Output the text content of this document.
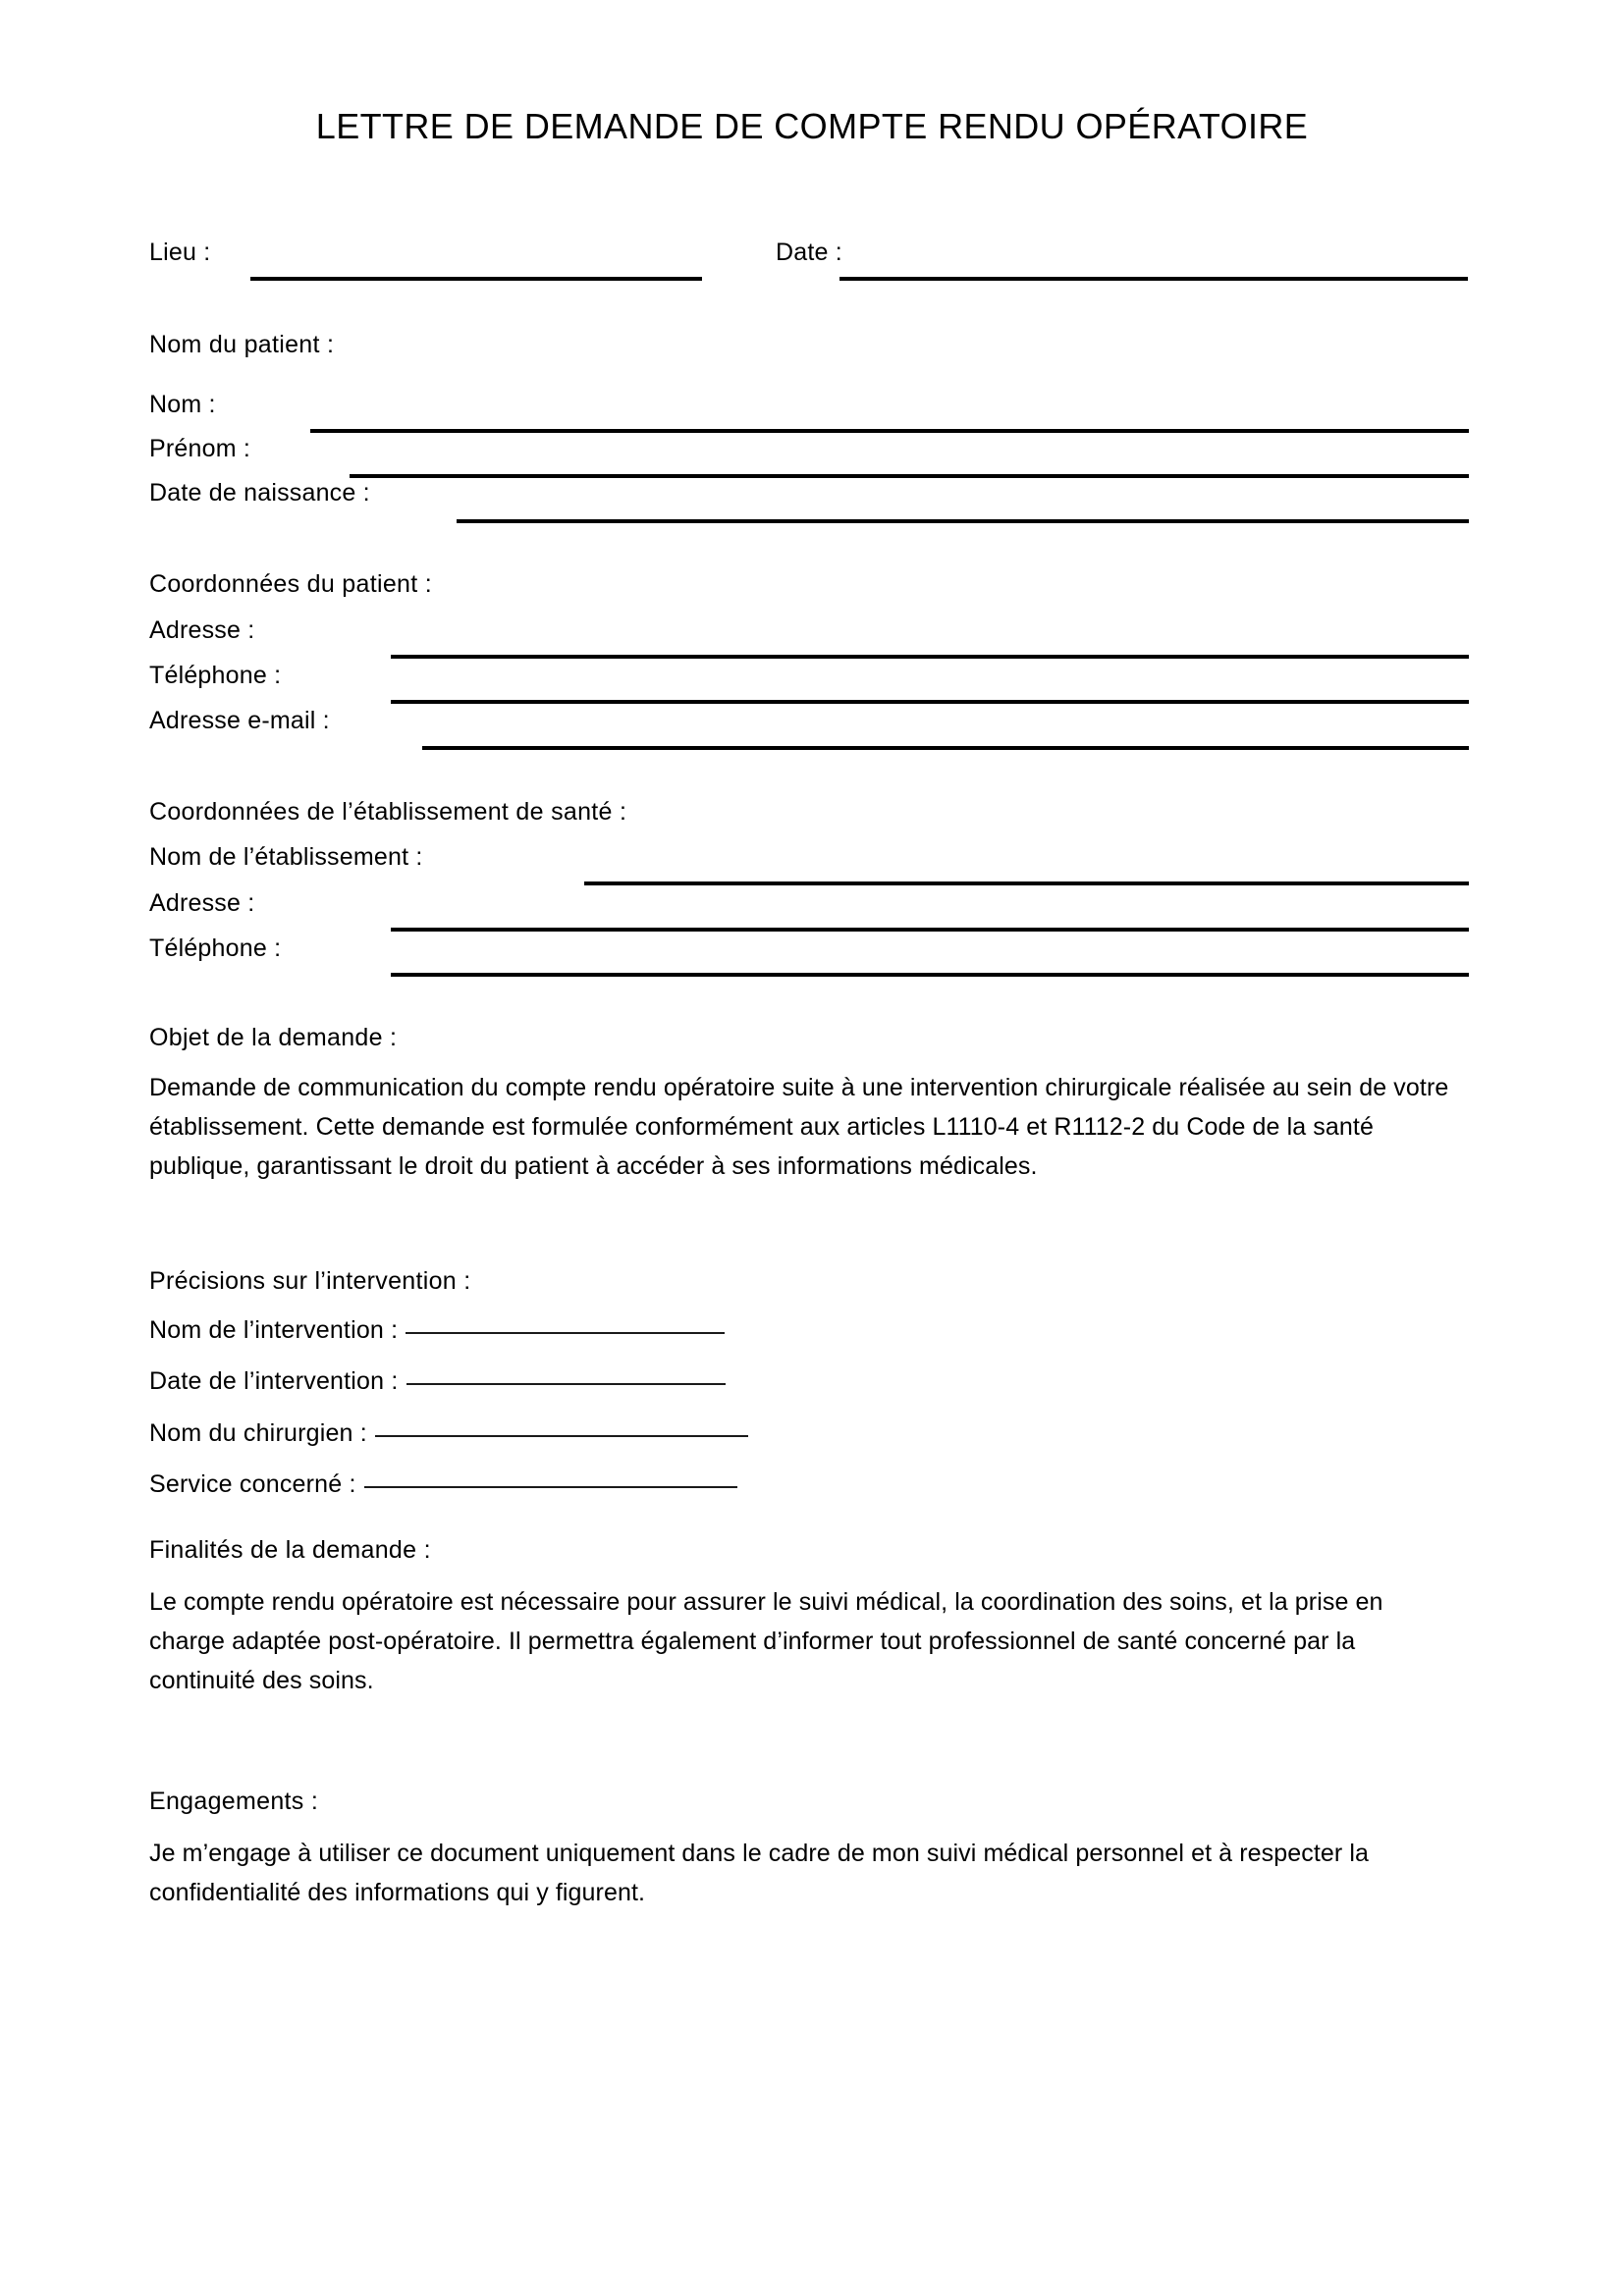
LETTRE DE DEMANDE DE COMPTE RENDU OPÉRATOIRE
Lieu :	Date :
Nom du patient :
Nom :
Prénom :
Date de naissance :
Coordonnées du patient :
Adresse :
Téléphone :
Adresse e-mail :
Coordonnées de l’établissement de santé :
Nom de l’établissement :
Adresse :
Téléphone :
Objet de la demande :
Demande de communication du compte rendu opératoire suite à une intervention chirurgicale réalisée au sein de votre établissement. Cette demande est formulée conformément aux articles L1110-4 et R1112-2 du Code de la santé publique, garantissant le droit du patient à accéder à ses informations médicales.
Précisions sur l’intervention :
Nom de l’intervention :
Date de l’intervention :
Nom du chirurgien :
Service concerné :
Finalités de la demande :
Le compte rendu opératoire est nécessaire pour assurer le suivi médical, la coordination des soins, et la prise en charge adaptée post-opératoire. Il permettra également d’informer tout professionnel de santé concerné par la continuité des soins.
Engagements :
Je m’engage à utiliser ce document uniquement dans le cadre de mon suivi médical personnel et à respecter la confidentialité des informations qui y figurent.
